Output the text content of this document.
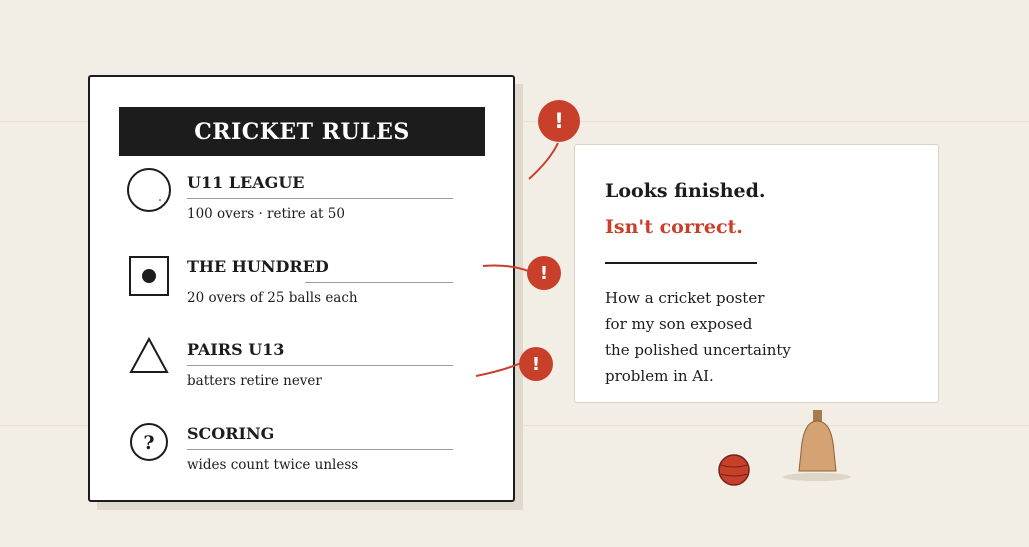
CRICKET RULES
U11 LEAGUE
100 overs · retire at 50
THE HUNDRED
20 overs of 25 balls each
PAIRS U13
batters retire never
? SCORING
wides count twice unless
!
!
!
Looks finished.
Isn't correct.
How a cricket poster
for my son exposed
the polished uncertainty
problem in AI.
